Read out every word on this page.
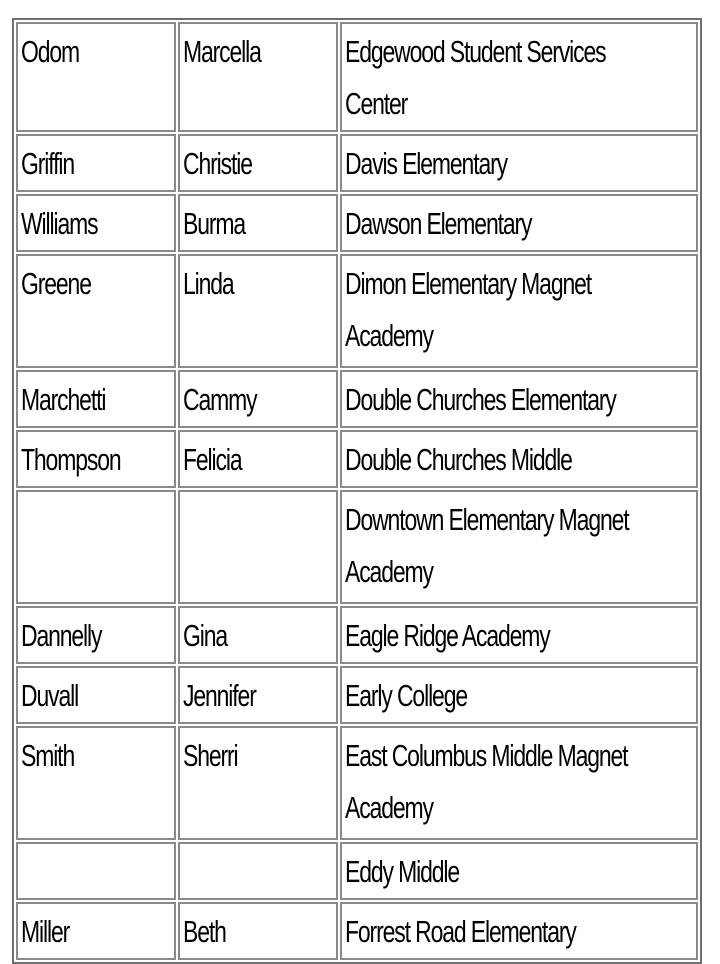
Odom	Marcella	Edgewood Student Services Center
Griffin	Christie	Davis Elementary
Williams	Burma	Dawson Elementary
Greene	Linda	Dimon Elementary Magnet Academy
Marchetti	Cammy	Double Churches Elementary
Thompson	Felicia	Double Churches Middle
		Downtown Elementary Magnet Academy
Dannelly	Gina	Eagle Ridge Academy
Duvall	Jennifer	Early College
Smith	Sherri	East Columbus Middle Magnet Academy
		Eddy Middle
Miller	Beth	Forrest Road Elementary
